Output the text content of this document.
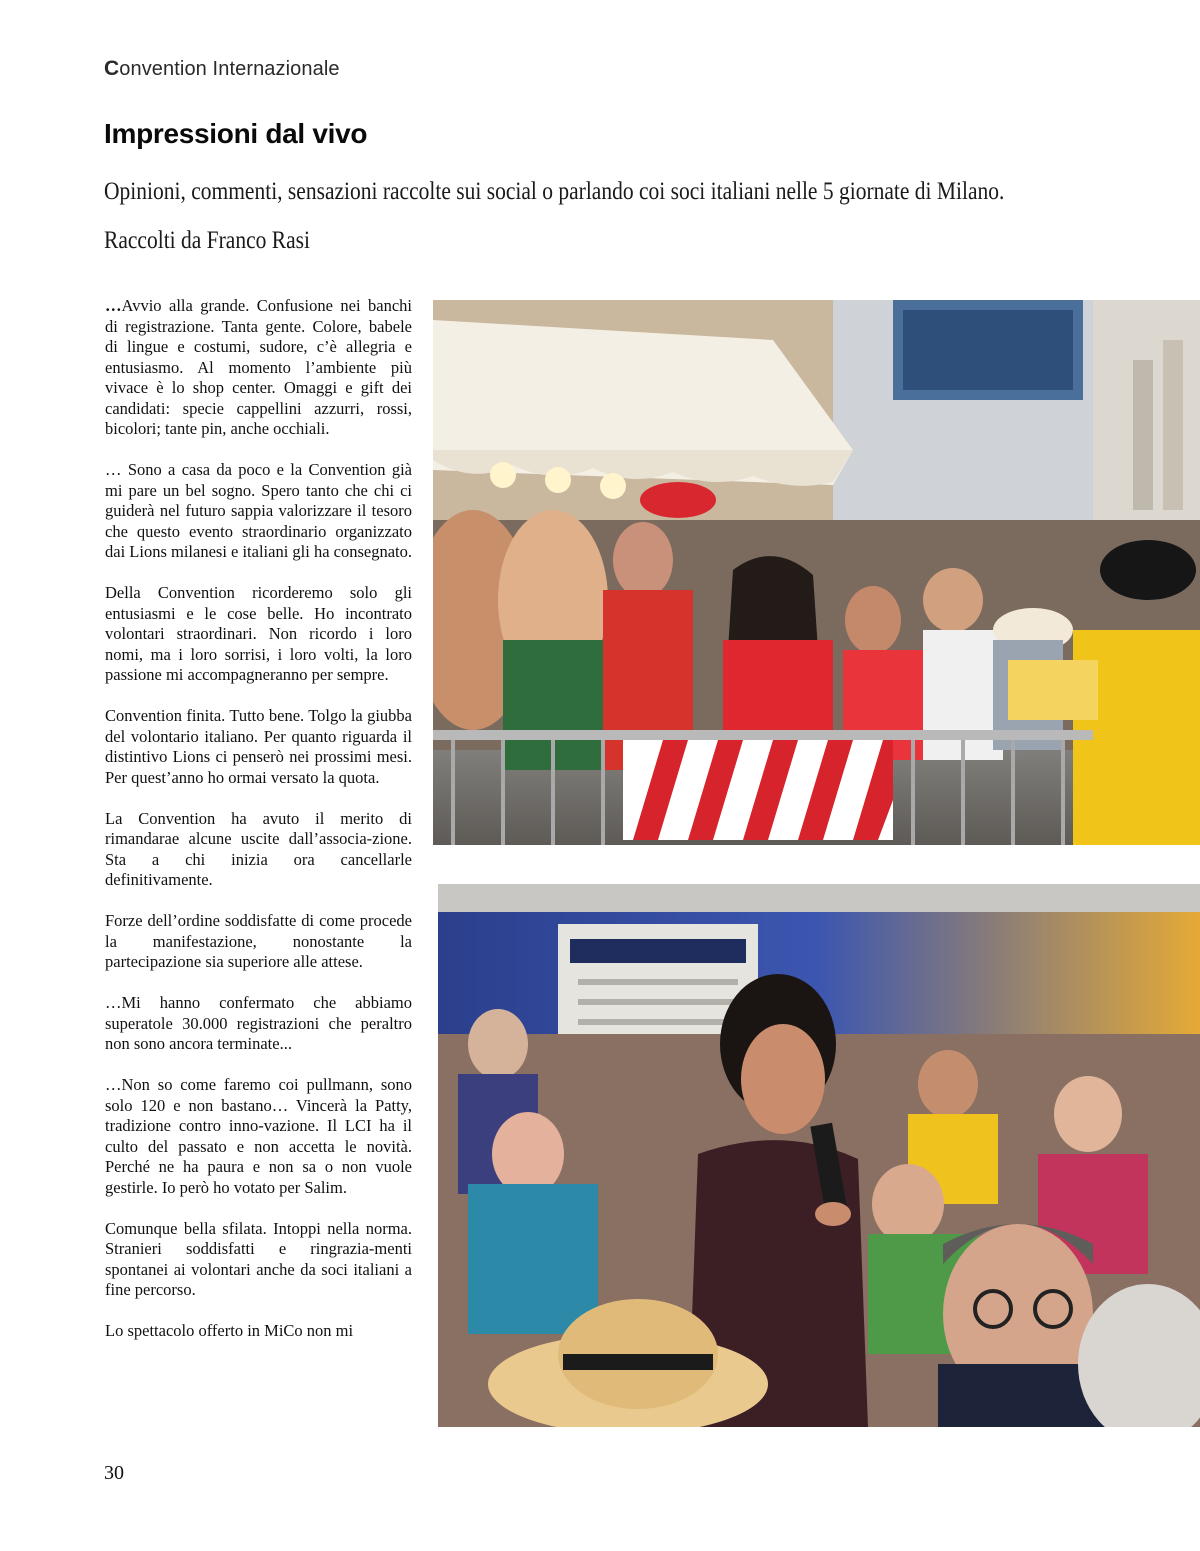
Convention Internazionale
Impressioni dal vivo
Opinioni, commenti, sensazioni raccolte sui social o parlando coi soci italiani nelle 5 giornate di Milano.
Raccolti da Franco Rasi

…Avvio alla grande. Confusione nei banchi di registrazione. Tanta gente. Colore, babele di lingue e costumi, sudore, c’è allegria e entusiasmo. Al momento l’ambiente più vivace è lo shop center. Omaggi e gift dei candidati: specie cappellini azzurri, rossi, bicolori; tante pin, anche occhiali.

… Sono a casa da poco e la Convention già mi pare un bel sogno. Spero tanto che chi ci guiderà nel futuro sappia valorizzare il tesoro che questo evento straordinario organizzato dai Lions milanesi e italiani gli ha consegnato.

Della Convention ricorderemo solo gli entusiasmi e le cose belle. Ho incontrato volontari straordinari. Non ricordo i loro nomi, ma i loro sorrisi, i loro volti, la loro passione mi accompagneranno per sempre.

Convention finita. Tutto bene. Tolgo la giubba del volontario italiano. Per quanto riguarda il distintivo Lions ci penserò nei prossimi mesi. Per quest’anno ho ormai versato la quota.

La Convention ha avuto il merito di rimandarae alcune uscite dall’associa-zione. Sta a chi inizia ora cancellarle definitivamente.

Forze dell’ordine soddisfatte di come procede la manifestazione, nonostante la partecipazione sia superiore alle attese.

…Mi hanno confermato che abbiamo superatole 30.000 registrazioni che peraltro non sono ancora terminate...

…Non so come faremo coi pullmann, sono solo 120 e non bastano… Vincerà la Patty, tradizione contro inno-vazione. Il LCI ha il culto del passato e non accetta le novità. Perché ne ha paura e non sa o non vuole gestirle. Io però ho votato per Salim.

Comunque bella sfilata. Intoppi nella norma. Stranieri soddisfatti e ringrazia-menti spontanei ai volontari anche da soci italiani a fine percorso.

Lo spettacolo offerto in MiCo non mi

30
